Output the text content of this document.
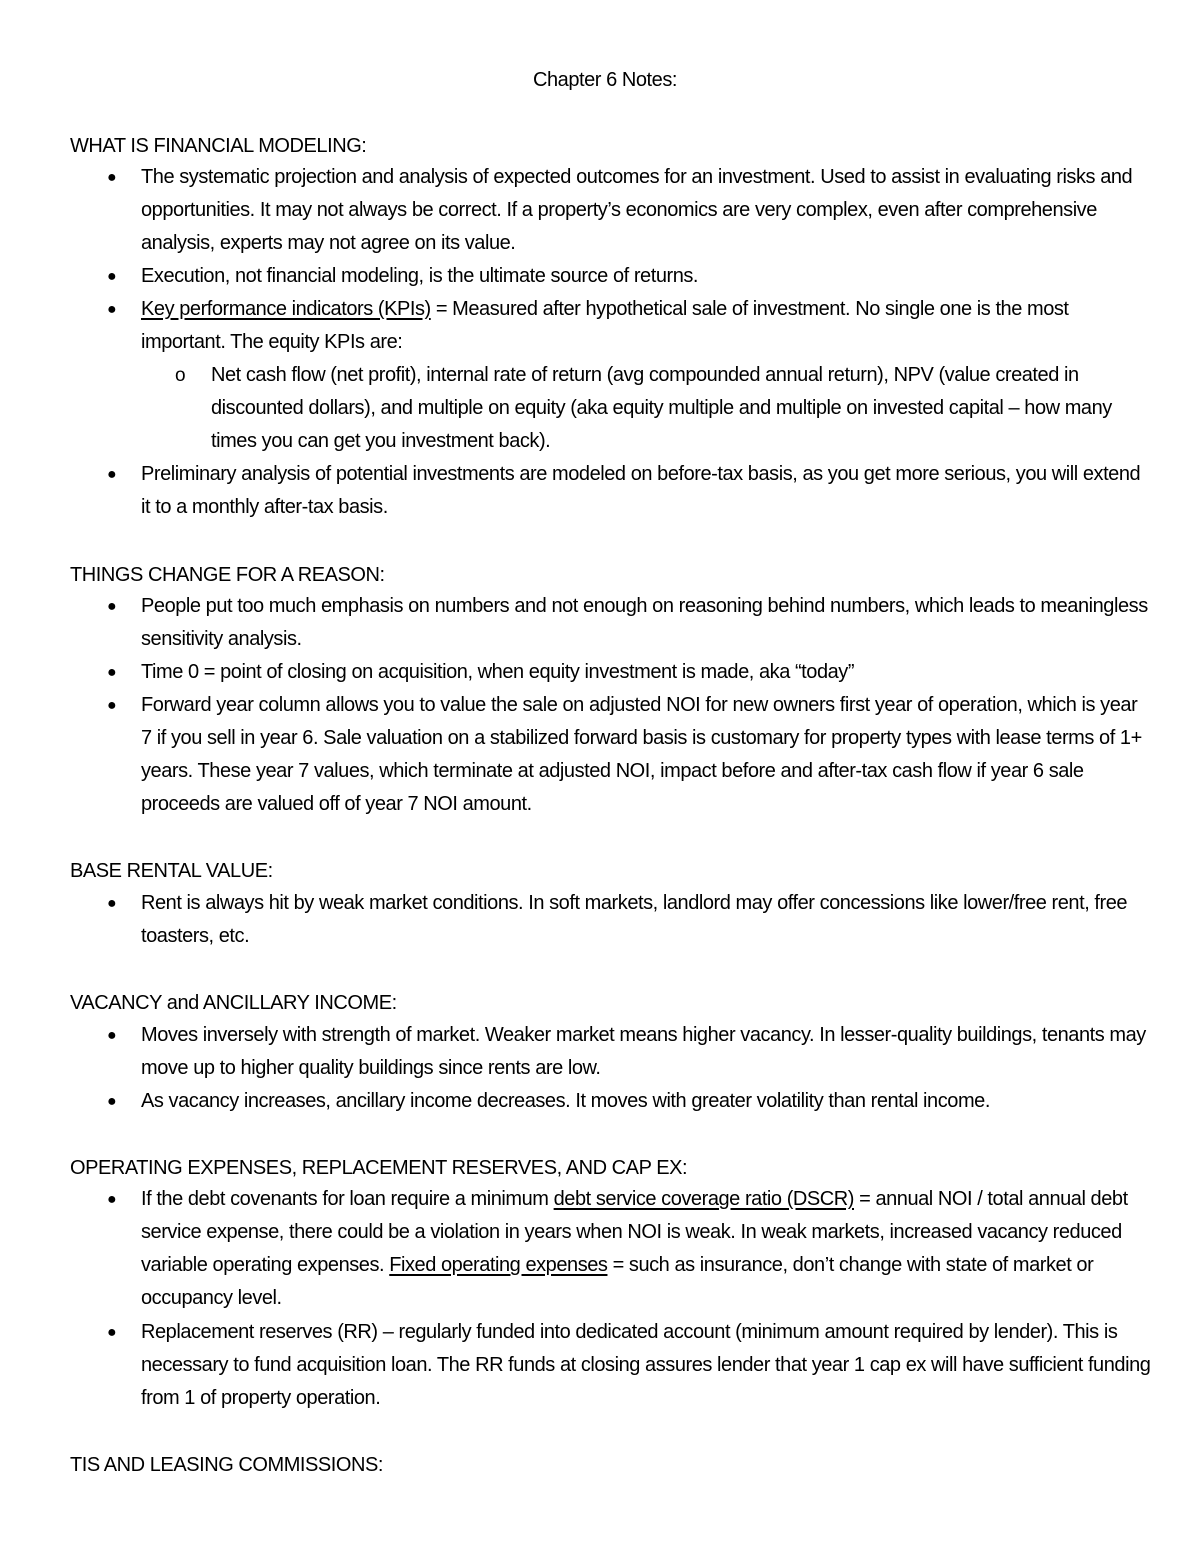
Chapter 6 Notes:
WHAT IS FINANCIAL MODELING:

● The systematic projection and analysis of expected outcomes for an investment. Used to assist in evaluating risks and opportunities. It may not always be correct. If a property’s economics are very complex, even after comprehensive analysis, experts may not agree on its value.

● Execution, not financial modeling, is the ultimate source of returns.

● Key performance indicators (KPIs) = Measured after hypothetical sale of investment. No single one is the most important. The equity KPIs are:

o Net cash flow (net profit), internal rate of return (avg compounded annual return), NPV (value created in discounted dollars), and multiple on equity (aka equity multiple and multiple on invested capital – how many times you can get you investment back).

● Preliminary analysis of potential investments are modeled on before-tax basis, as you get more serious, you will extend it to a monthly after-tax basis.

THINGS CHANGE FOR A REASON:

● People put too much emphasis on numbers and not enough on reasoning behind numbers, which leads to meaningless sensitivity analysis.

● Time 0 = point of closing on acquisition, when equity investment is made, aka “today”

● Forward year column allows you to value the sale on adjusted NOI for new owners first year of operation, which is year 7 if you sell in year 6. Sale valuation on a stabilized forward basis is customary for property types with lease terms of 1+ years. These year 7 values, which terminate at adjusted NOI, impact before and after-tax cash flow if year 6 sale proceeds are valued off of year 7 NOI amount.

BASE RENTAL VALUE:

● Rent is always hit by weak market conditions. In soft markets, landlord may offer concessions like lower/free rent, free toasters, etc.

VACANCY and ANCILLARY INCOME:

● Moves inversely with strength of market. Weaker market means higher vacancy. In lesser-quality buildings, tenants may move up to higher quality buildings since rents are low.

● As vacancy increases, ancillary income decreases. It moves with greater volatility than rental income.

OPERATING EXPENSES, REPLACEMENT RESERVES, AND CAP EX:

● If the debt covenants for loan require a minimum debt service coverage ratio (DSCR) = annual NOI / total annual debt service expense, there could be a violation in years when NOI is weak. In weak markets, increased vacancy reduced variable operating expenses. Fixed operating expenses = such as insurance, don’t change with state of market or occupancy level.

● Replacement reserves (RR) – regularly funded into dedicated account (minimum amount required by lender). This is necessary to fund acquisition loan. The RR funds at closing assures lender that year 1 cap ex will have sufficient funding from 1 of property operation.

TIS AND LEASING COMMISSIONS:
